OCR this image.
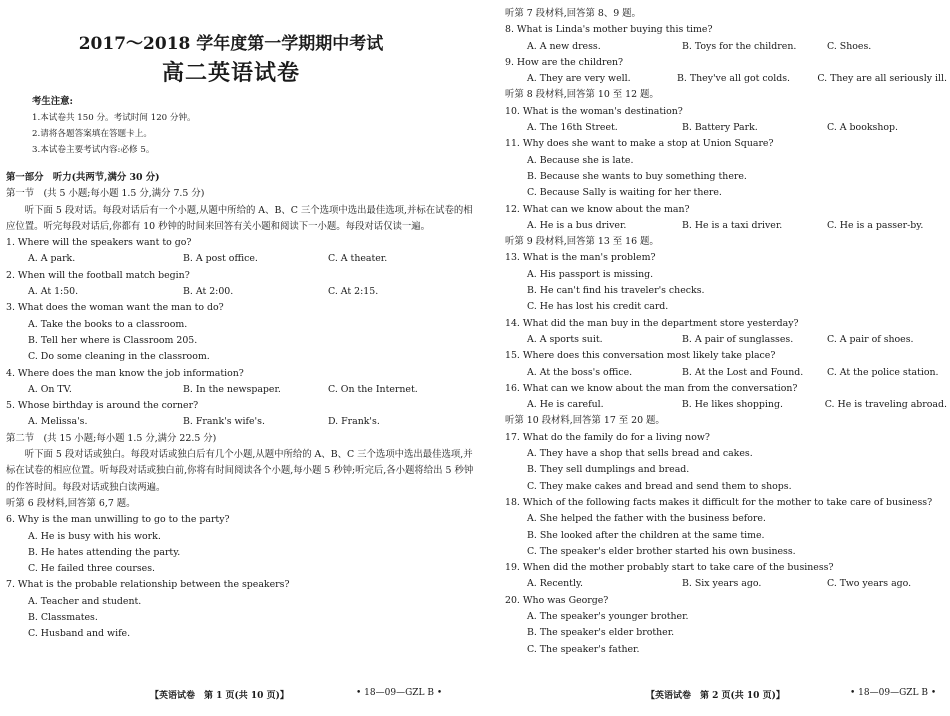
2017～2018 学年度第一学期期中考试
高二英语试卷
考生注意:
1.本试卷共 150 分。考试时间 120 分钟。
2.请将各题答案填在答题卡上。
3.本试卷主要考试内容:必修 5。
第一部分　听力(共两节,满分 30 分)
第一节　(共 5 小题;每小题 1.5 分,满分 7.5 分)
听下面 5 段对话。每段对话后有一个小题,从题中所给的 A、B、C 三个选项中选出最佳选项,并标在试卷的相应位置。听完每段对话后,你都有 10 秒钟的时间来回答有关小题和阅读下一小题。每段对话仅读一遍。
1. Where will the speakers want to go?
A. A park.	B. A post office.	C. A theater.
2. When will the football match begin?
A. At 1:50.	B. At 2:00.	C. At 2:15.
3. What does the woman want the man to do?
A. Take the books to a classroom.
B. Tell her where is Classroom 205.
C. Do some cleaning in the classroom.
4. Where does the man know the job information?
A. On TV.	B. In the newspaper.	C. On the Internet.
5. Whose birthday is around the corner?
A. Melissa's.	B. Frank's wife's.	D. Frank's.
第二节　(共 15 小题;每小题 1.5 分,满分 22.5 分)
听下面 5 段对话或独白。每段对话或独白后有几个小题,从题中所给的 A、B、C 三个选项中选出最佳选项,并标在试卷的相应位置。听每段对话或独白前,你将有时间阅读各个小题,每小题 5 秒钟;听完后,各小题将给出 5 秒钟的作答时间。每段对话或独白读两遍。
听第 6 段材料,回答第 6,7 题。
6. Why is the man unwilling to go to the party?
A. He is busy with his work.
B. He hates attending the party.
C. He failed three courses.
7. What is the probable relationship between the speakers?
A. Teacher and student.
B. Classmates.
C. Husband and wife.
【英语试卷　第 1 页(共 10 页)】	• 18—09—GZL B •
听第 7 段材料,回答第 8、9 题。
8. What is Linda's mother buying this time?
A. A new dress.	B. Toys for the children.	C. Shoes.
9. How are the children?
A. They are very well.	B. They've all got colds.	C. They are all seriously ill.
听第 8 段材料,回答第 10 至 12 题。
10. What is the woman's destination?
A. The 16th Street.	B. Battery Park.	C. A bookshop.
11. Why does she want to make a stop at Union Square?
A. Because she is late.
B. Because she wants to buy something there.
C. Because Sally is waiting for her there.
12. What can we know about the man?
A. He is a bus driver.	B. He is a taxi driver.	C. He is a passer-by.
听第 9 段材料,回答第 13 至 16 题。
13. What is the man's problem?
A. His passport is missing.
B. He can't find his traveler's checks.
C. He has lost his credit card.
14. What did the man buy in the department store yesterday?
A. A sports suit.	B. A pair of sunglasses.	C. A pair of shoes.
15. Where does this conversation most likely take place?
A. At the boss's office.	B. At the Lost and Found.	C. At the police station.
16. What can we know about the man from the conversation?
A. He is careful.	B. He likes shopping.	C. He is traveling abroad.
听第 10 段材料,回答第 17 至 20 题。
17. What do the family do for a living now?
A. They have a shop that sells bread and cakes.
B. They sell dumplings and bread.
C. They make cakes and bread and send them to shops.
18. Which of the following facts makes it difficult for the mother to take care of business?
A. She helped the father with the business before.
B. She looked after the children at the same time.
C. The speaker's elder brother started his own business.
19. When did the mother probably start to take care of the business?
A. Recently.	B. Six years ago.	C. Two years ago.
20. Who was George?
A. The speaker's younger brother.
B. The speaker's elder brother.
C. The speaker's father.
【英语试卷　第 2 页(共 10 页)】	• 18—09—GZL B •
